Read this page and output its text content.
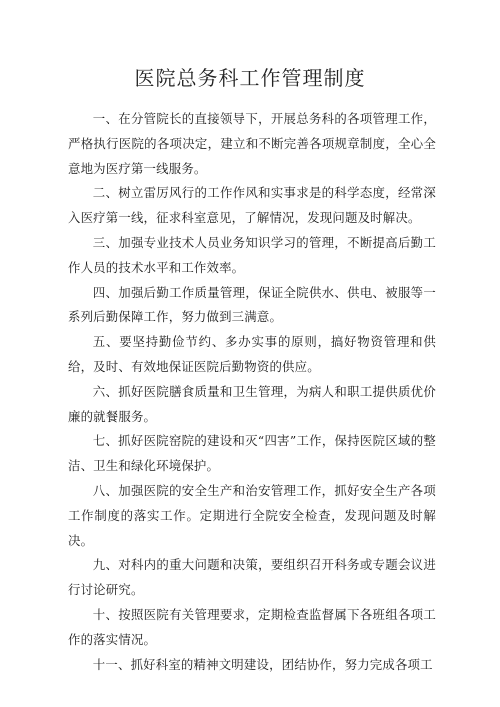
医院总务科工作管理制度

一、在分管院长的直接领导下，开展总务科的各项管理工作，严格执行医院的各项决定，建立和不断完善各项规章制度，全心全意地为医疗第一线服务。

二、树立雷厉风行的工作作风和实事求是的科学态度，经常深入医疗第一线，征求科室意见，了解情况，发现问题及时解决。

三、加强专业技术人员业务知识学习的管理，不断提高后勤工作人员的技术水平和工作效率。

四、加强后勤工作质量管理，保证全院供水、供电、被服等一系列后勤保障工作，努力做到三满意。

五、要坚持勤俭节约、多办实事的原则，搞好物资管理和供给，及时、有效地保证医院后勤物资的供应。

六、抓好医院膳食质量和卫生管理，为病人和职工提供质优价廉的就餐服务。

七、抓好医院窑院的建设和灭“四害”工作，保持医院区域的整洁、卫生和绿化环境保护。

八、加强医院的安全生产和治安管理工作，抓好安全生产各项工作制度的落实工作。定期进行全院安全检查，发现问题及时解决。

九、对科内的重大问题和决策，要组织召开科务或专题会议进行讨论研究。

十、按照医院有关管理要求，定期检查监督属下各班组各项工作的落实情况。

十一、抓好科室的精神文明建设，团结协作，努力完成各项工
